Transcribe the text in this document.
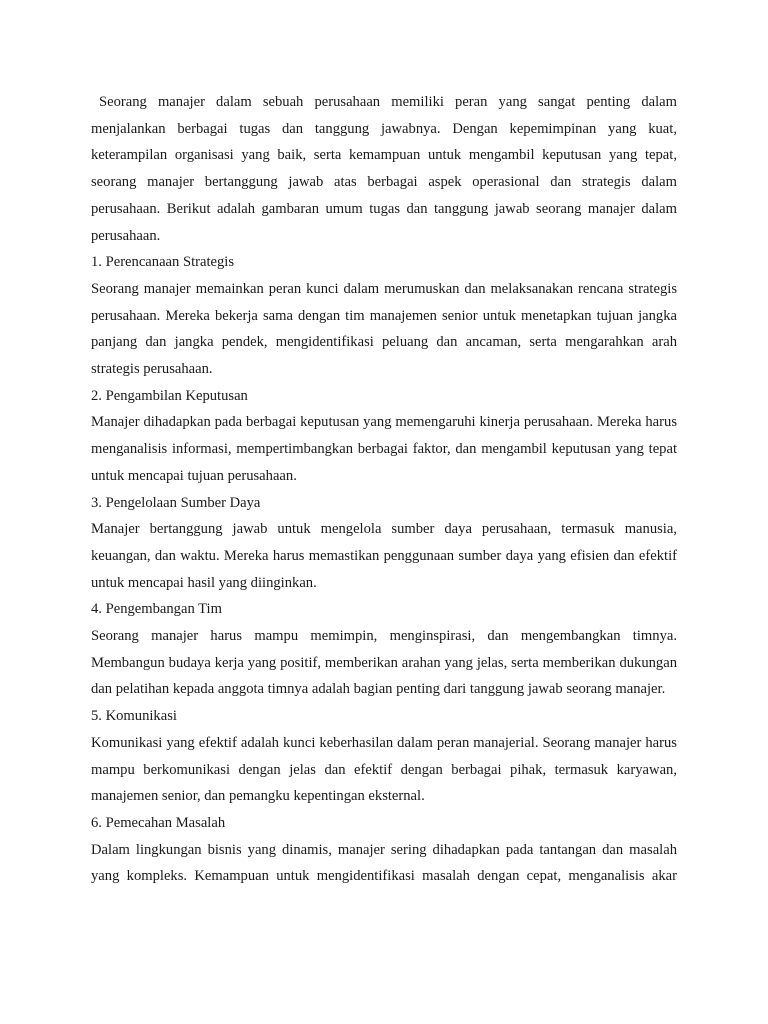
Seorang manajer dalam sebuah perusahaan memiliki peran yang sangat penting dalam menjalankan berbagai tugas dan tanggung jawabnya. Dengan kepemimpinan yang kuat, keterampilan organisasi yang baik, serta kemampuan untuk mengambil keputusan yang tepat, seorang manajer bertanggung jawab atas berbagai aspek operasional dan strategis dalam perusahaan. Berikut adalah gambaran umum tugas dan tanggung jawab seorang manajer dalam perusahaan.

1. Perencanaan Strategis

Seorang manajer memainkan peran kunci dalam merumuskan dan melaksanakan rencana strategis perusahaan. Mereka bekerja sama dengan tim manajemen senior untuk menetapkan tujuan jangka panjang dan jangka pendek, mengidentifikasi peluang dan ancaman, serta mengarahkan arah strategis perusahaan.

2. Pengambilan Keputusan

Manajer dihadapkan pada berbagai keputusan yang memengaruhi kinerja perusahaan. Mereka harus menganalisis informasi, mempertimbangkan berbagai faktor, dan mengambil keputusan yang tepat untuk mencapai tujuan perusahaan.

3. Pengelolaan Sumber Daya

Manajer bertanggung jawab untuk mengelola sumber daya perusahaan, termasuk manusia, keuangan, dan waktu. Mereka harus memastikan penggunaan sumber daya yang efisien dan efektif untuk mencapai hasil yang diinginkan.

4. Pengembangan Tim

Seorang manajer harus mampu memimpin, menginspirasi, dan mengembangkan timnya. Membangun budaya kerja yang positif, memberikan arahan yang jelas, serta memberikan dukungan dan pelatihan kepada anggota timnya adalah bagian penting dari tanggung jawab seorang manajer.

5. Komunikasi

Komunikasi yang efektif adalah kunci keberhasilan dalam peran manajerial. Seorang manajer harus mampu berkomunikasi dengan jelas dan efektif dengan berbagai pihak, termasuk karyawan, manajemen senior, dan pemangku kepentingan eksternal.

6. Pemecahan Masalah

Dalam lingkungan bisnis yang dinamis, manajer sering dihadapkan pada tantangan dan masalah yang kompleks. Kemampuan untuk mengidentifikasi masalah dengan cepat, menganalisis akar
